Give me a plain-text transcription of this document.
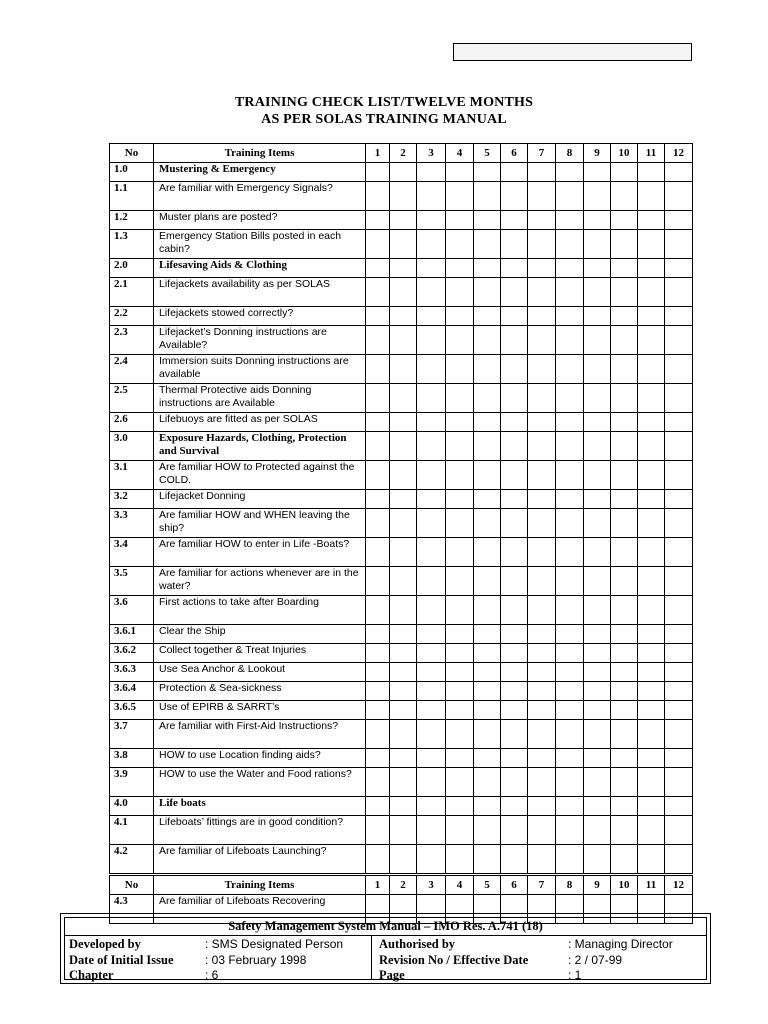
TRAINING CHECK LIST/TWELVE MONTHS
AS PER SOLAS TRAINING MANUAL
No	Training Items	1	2	3	4	5	6	7	8	9	10	11	12
1.0	Mustering & Emergency												
1.1	Are familiar with Emergency Signals?												
1.2	Muster plans are posted?												
1.3	Emergency Station Bills posted in each cabin?												
2.0	Lifesaving Aids & Clothing												
2.1	Lifejackets availability as per SOLAS												
2.2	Lifejackets stowed correctly?												
2.3	Lifejacket’s Donning instructions are Available?												
2.4	Immersion suits Donning instructions are available												
2.5	Thermal Protective aids Donning instructions are Available												
2.6	Lifebuoys are fitted as per SOLAS												
3.0	Exposure Hazards, Clothing, Protection and Survival												
3.1	Are familiar HOW to Protected against the COLD.												
3.2	Lifejacket Donning												
3.3	Are familiar HOW and WHEN leaving the ship?												
3.4	Are familiar HOW to enter in Life -Boats?												
3.5	Are familiar for actions whenever are in the water?												
3.6	First actions to take after Boarding												
3.6.1	Clear the Ship												
3.6.2	Collect together & Treat Injuries												
3.6.3	Use Sea Anchor & Lookout												
3.6.4	Protection & Sea-sickness												
3.6.5	Use of EPIRB & SARRT’s												
3.7	Are familiar with First-Aid Instructions?												
3.8	HOW to use Location finding aids?												
3.9	HOW to use the Water and Food rations?												
4.0	Life boats												
4.1	Lifeboats’ fittings are in good condition?												
4.2	Are familiar of Lifeboats Launching?												
No	Training Items	1	2	3	4	5	6	7	8	9	10	11	12
4.3	Are familiar of Lifeboats Recovering												
Safety Management System Manual – IMO Res. A.741 (18)
Developed by	: SMS Designated Person
Date of Initial Issue	: 03 February 1998
Chapter	: 6
Authorised by	: Managing Director
Revision No / Effective Date	: 2 / 07-99
Page	: 1
